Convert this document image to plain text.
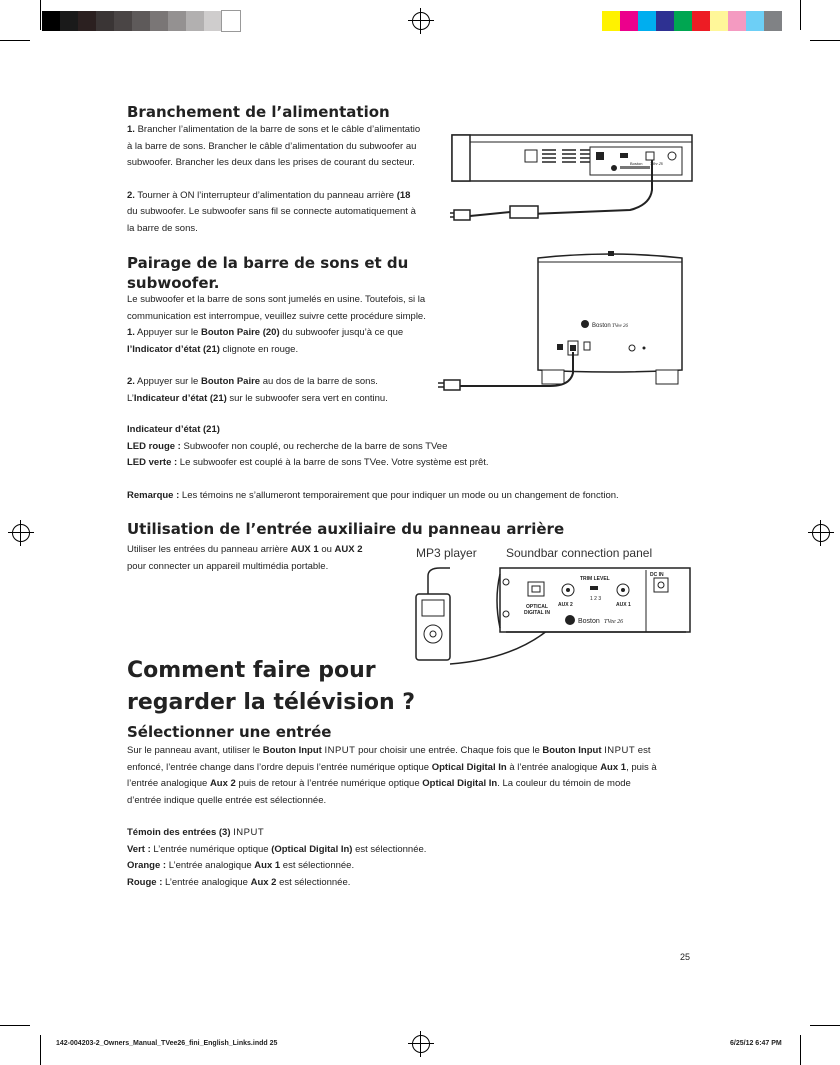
Branchement de l’alimentation
1. Brancher l’alimentation de la barre de sons et le câble d’alimentatio
à la barre de sons. Brancher le câble d’alimentation du subwoofer au
subwoofer. Brancher les deux dans les prises de courant du secteur.
2. Tourner à ON l’interrupteur d’alimentation du panneau arrière (18
du subwoofer. Le subwoofer sans fil se connecte automatiquement à
la barre de sons.
Boston TVee 26
Pairage de la barre de sons et du
subwoofer.
Le subwoofer et la barre de sons sont jumelés en usine. Toutefois, si la
communication est interrompue, veuillez suivre cette procédure simple.
1. Appuyer sur le Bouton Paire (20) du subwoofer jusqu’à ce que
l’Indicator d’état (21) clignote en rouge.
2. Appuyer sur le Bouton Paire au dos de la barre de sons.
L’Indicateur d’état (21) sur le subwoofer sera vert en continu.
Indicateur d’état (21)
LED rouge : Subwoofer non couplé, ou recherche de la barre de sons TVee
LED verte : Le subwoofer est couplé à la barre de sons TVee. Votre système est prêt.
Remarque : Les témoins ne s’allumeront temporairement que pour indiquer un mode ou un changement de fonction.
Boston TVee 26
Utilisation de l’entrée auxiliaire du panneau arrière
Utiliser les entrées du panneau arrière AUX 1 ou AUX 2
pour connecter un appareil multimédia portable.
MP3 player Soundbar connection panel
TRIM LEVEL
1 2 3
OPTICAL
DIGITAL IN
AUX 2	AUX 1
DC IN
Boston TVee 26
Comment faire pour
regarder la télévision ?
Sélectionner une entrée
Sur le panneau avant, utiliser le Bouton Input INPUT pour choisir une entrée. Chaque fois que le Bouton Input INPUT est
enfoncé, l’entrée change dans l’ordre depuis l’entrée numérique optique Optical Digital In à l’entrée analogique Aux 1, puis à
l’entrée analogique Aux 2 puis de retour à l’entrée numérique optique Optical Digital In. La couleur du témoin de mode
d’entrée indique quelle entrée est sélectionnée.
Témoin des entrées (3) INPUT
Vert : L’entrée numérique optique (Optical Digital In) est sélectionnée.
Orange : L’entrée analogique Aux 1 est sélectionnée.
Rouge : L’entrée analogique Aux 2 est sélectionnée.
25
142-004203-2_Owners_Manual_TVee26_fini_English_Links.indd 25	6/25/12 6:47 PM
